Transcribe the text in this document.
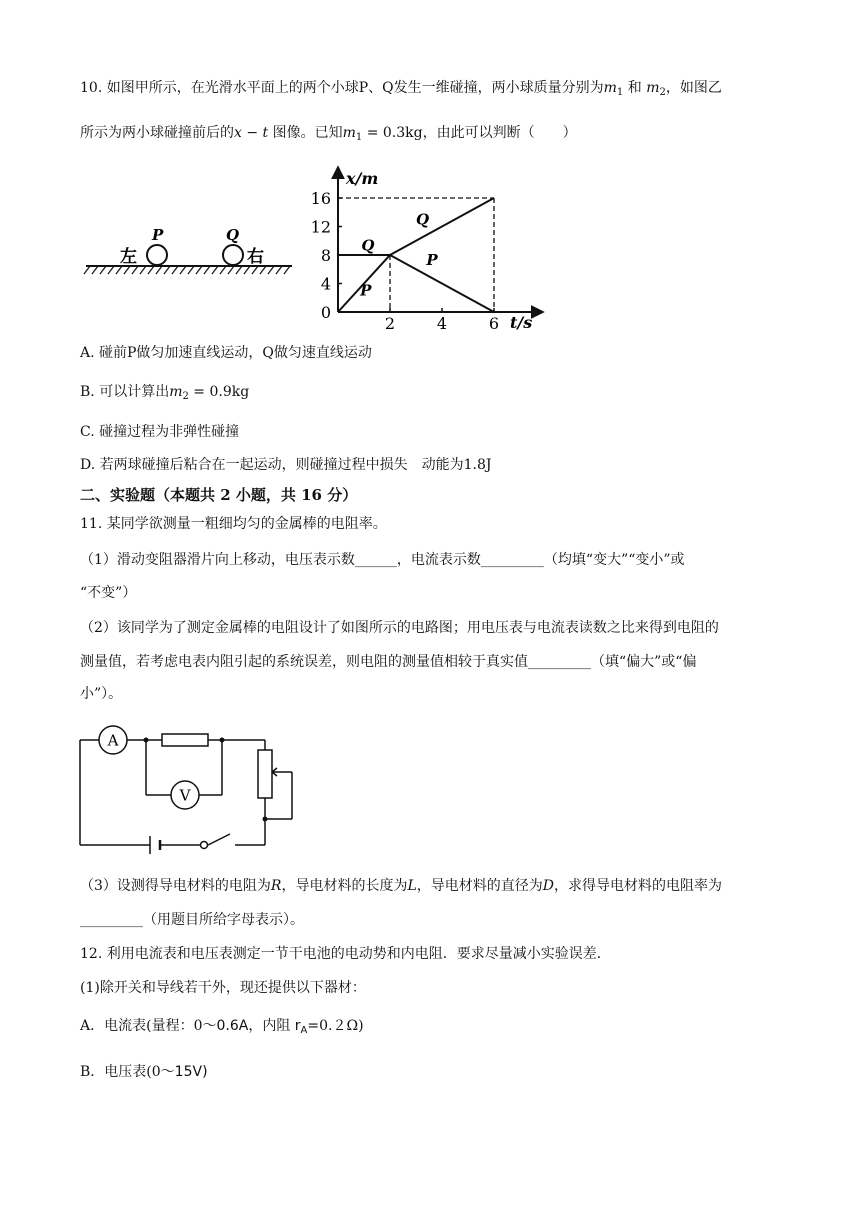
10. 如图甲所示，在光滑水平面上的两个小球P、Q发生一维碰撞，两小球质量分别为$m_1$ 和 $m_2$，如图乙
所示为两小球碰撞前后的x − t 图像。已知$m_1 = 0.3kg$，由此可以判断（　　）
P	Q
左	右
x/m
t/s
16
12
8
4
0
2	4	6
Q
Q
P
P
A. 碰前P做匀加速直线运动，Q做匀速直线运动
B. 可以计算出$m_2 = 0.9kg$
C. 碰撞过程为非弹性碰撞
D. 若两球碰撞后粘合在一起运动，则碰撞过程中损失　动能为1.8J
二、实验题（本题共 2 小题，共 16 分）
11. 某同学欲测量一粗细均匀的金属棒的电阻率。
（1）滑动变阻器滑片向上移动，电压表示数______，电流表示数_________（均填“变大”“变小”或
“不变”）
（2）该同学为了测定金属棒的电阻设计了如图所示的电路图；用电压表与电流表读数之比来得到电阻的
测量值，若考虑电表内阻引起的系统误差，则电阻的测量值相较于真实值_________（填“偏大”或“偏
小”）。
A
V
（3）设测得导电材料的电阻为R，导电材料的长度为L，导电材料的直径为D，求得导电材料的电阻率为
_________（用题目所给字母表示）。
12. 利用电流表和电压表测定一节干电池的电动势和内电阻．要求尽量减小实验误差．
(1)除开关和导线若干外，现还提供以下器材：
A．电流表(量程：0～0.6A，内阻 $r_A=0.2\Omega$)
B．电压表(0～15V)
